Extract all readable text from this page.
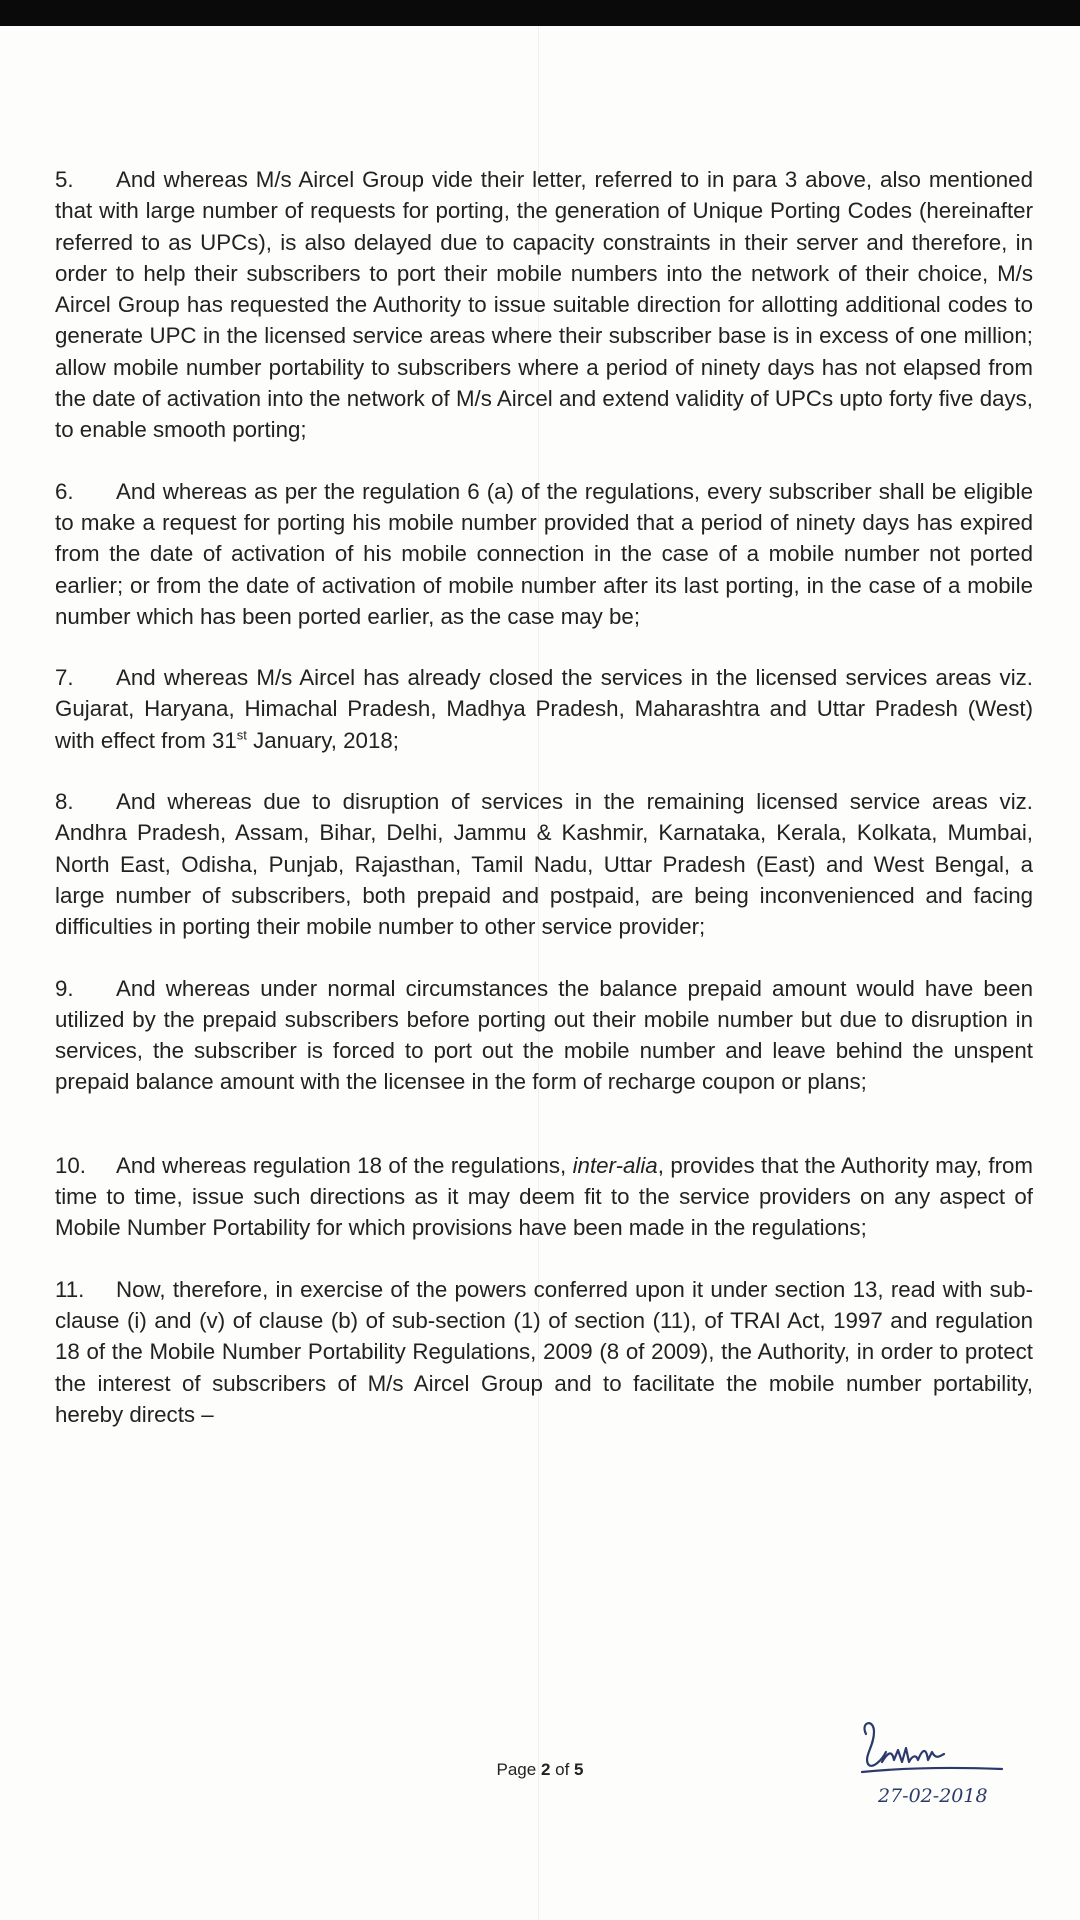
5. And whereas M/s Aircel Group vide their letter, referred to in para 3 above, also mentioned that with large number of requests for porting, the generation of Unique Porting Codes (hereinafter referred to as UPCs), is also delayed due to capacity constraints in their server and therefore, in order to help their subscribers to port their mobile numbers into the network of their choice, M/s Aircel Group has requested the Authority to issue suitable direction for allotting additional codes to generate UPC in the licensed service areas where their subscriber base is in excess of one million; allow mobile number portability to subscribers where a period of ninety days has not elapsed from the date of activation into the network of M/s Aircel and extend validity of UPCs upto forty five days, to enable smooth porting;

6. And whereas as per the regulation 6 (a) of the regulations, every subscriber shall be eligible to make a request for porting his mobile number provided that a period of ninety days has expired from the date of activation of his mobile connection in the case of a mobile number not ported earlier; or from the date of activation of mobile number after its last porting, in the case of a mobile number which has been ported earlier, as the case may be;

7. And whereas M/s Aircel has already closed the services in the licensed services areas viz. Gujarat, Haryana, Himachal Pradesh, Madhya Pradesh, Maharashtra and Uttar Pradesh (West) with effect from 31st January, 2018;

8. And whereas due to disruption of services in the remaining licensed service areas viz. Andhra Pradesh, Assam, Bihar, Delhi, Jammu & Kashmir, Karnataka, Kerala, Kolkata, Mumbai, North East, Odisha, Punjab, Rajasthan, Tamil Nadu, Uttar Pradesh (East) and West Bengal, a large number of subscribers, both prepaid and postpaid, are being inconvenienced and facing difficulties in porting their mobile number to other service provider;

9. And whereas under normal circumstances the balance prepaid amount would have been utilized by the prepaid subscribers before porting out their mobile number but due to disruption in services, the subscriber is forced to port out the mobile number and leave behind the unspent prepaid balance amount with the licensee in the form of recharge coupon or plans;

10. And whereas regulation 18 of the regulations, inter-alia, provides that the Authority may, from time to time, issue such directions as it may deem fit to the service providers on any aspect of Mobile Number Portability for which provisions have been made in the regulations;

11. Now, therefore, in exercise of the powers conferred upon it under section 13, read with sub-clause (i) and (v) of clause (b) of sub-section (1) of section (11), of TRAI Act, 1997 and regulation 18 of the Mobile Number Portability Regulations, 2009 (8 of 2009), the Authority, in order to protect the interest of subscribers of M/s Aircel Group and to facilitate the mobile number portability, hereby directs –

Page 2 of 5
27-02-2018
